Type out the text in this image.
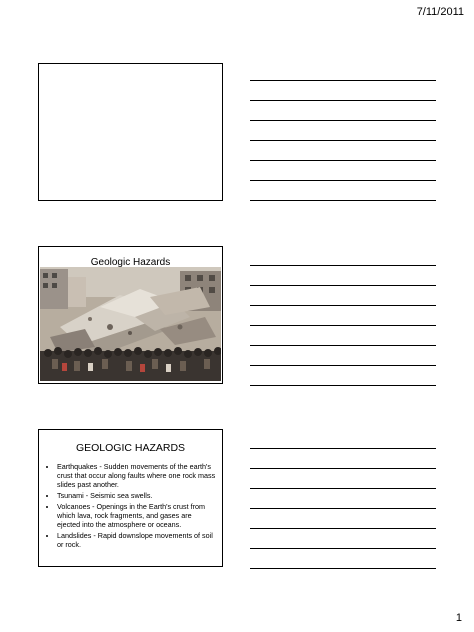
7/11/2011
Geologic Hazards
GEOLOGIC HAZARDS
• Earthquakes - Sudden movements of the earth's crust that occur along faults where one rock mass slides past another.
• Tsunami - Seismic sea swells.
• Volcanoes - Openings in the Earth's crust from which lava, rock fragments, and gases are ejected into the atmosphere or oceans.
• Landslides - Rapid downslope movements of soil or rock.
1
